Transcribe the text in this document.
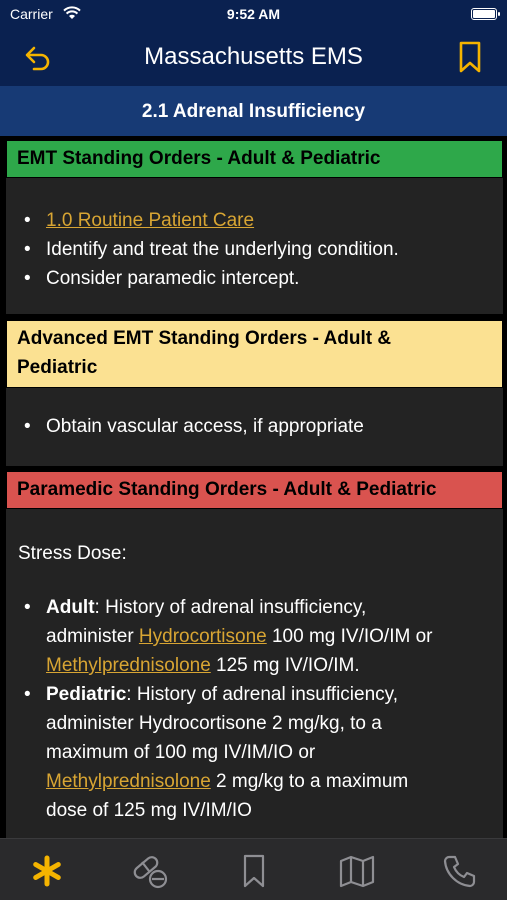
Carrier	9:52 AM
Massachusetts EMS
2.1 Adrenal Insufficiency
EMT Standing Orders - Adult & Pediatric
• 1.0 Routine Patient Care
• Identify and treat the underlying condition.
• Consider paramedic intercept.
Advanced EMT Standing Orders - Adult &
Pediatric
• Obtain vascular access, if appropriate
Paramedic Standing Orders - Adult & Pediatric
Stress Dose:
• Adult: History of adrenal insufficiency,
administer Hydrocortisone 100 mg IV/IO/IM or
Methylprednisolone 125 mg IV/IO/IM.
• Pediatric: History of adrenal insufficiency,
administer Hydrocortisone 2 mg/kg, to a
maximum of 100 mg IV/IM/IO or
Methylprednisolone 2 mg/kg to a maximum
dose of 125 mg IV/IM/IO
